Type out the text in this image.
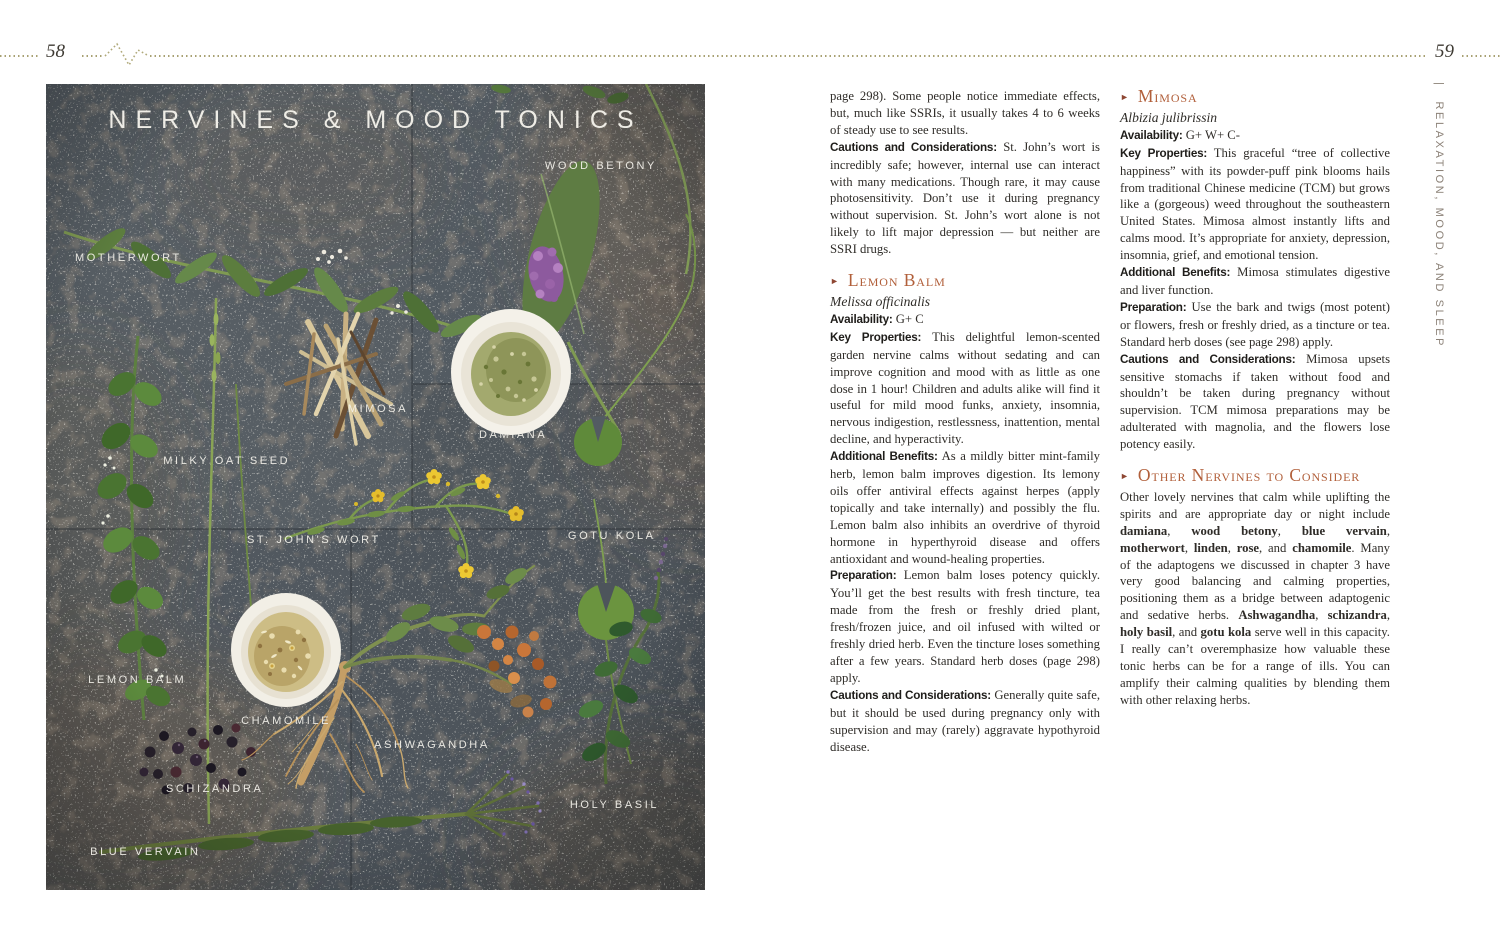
58	59
|RELAXATION, MOOD, AND SLEEP
NERVINES & MOOD TONICS
MOTHERWORT
WOOD BETONY
MIMOSA
DAMIANA
MILKY OAT SEED
ST. JOHN'S WORT	GOTU KOLA
LEMON BALM
CHAMOMILE
SCHIZANDRA
ASHWAGANDHA
BLUE VERVAIN
HOLY BASIL
page 298). Some people notice immediate effects, but, much like SSRIs, it usually takes 4 to 6 weeks of steady use to see results.
Cautions and Considerations: St. John’s wort is incredibly safe; however, internal use can interact with many medications. Though rare, it may cause photosensitivity. Don’t use it during pregnancy without supervision. St. John’s wort alone is not likely to lift major depression — but neither are SSRI drugs.
► Lemon Balm
Melissa officinalis
Availability: G+ C
Key Properties: This delightful lemon-scented garden nervine calms without sedating and can improve cognition and mood with as little as one dose in 1 hour! Children and adults alike will find it useful for mild mood funks, anxiety, insomnia, nervous indigestion, restlessness, inattention, mental decline, and hyperactivity.
Additional Benefits: As a mildly bitter mint-family herb, lemon balm improves digestion. Its lemony oils offer antiviral effects against herpes (apply topically and take internally) and possibly the flu. Lemon balm also inhibits an overdrive of thyroid hormone in hyperthyroid disease and offers antioxidant and wound-healing properties.
Preparation: Lemon balm loses potency quickly. You’ll get the best results with fresh tincture, tea made from the fresh or freshly dried plant, fresh/frozen juice, and oil infused with wilted or freshly dried herb. Even the tincture loses something after a few years. Standard herb doses (page 298) apply.
Cautions and Considerations: Generally quite safe, but it should be used during pregnancy only with supervision and may (rarely) aggravate hypothyroid disease.
► Mimosa
Albizia julibrissin
Availability: G+ W+ C-
Key Properties: This graceful “tree of collective happiness” with its powder-puff pink blooms hails from traditional Chinese medicine (TCM) but grows like a (gorgeous) weed throughout the southeastern United States. Mimosa almost instantly lifts and calms mood. It’s appropriate for anxiety, depression, insomnia, grief, and emotional tension.
Additional Benefits: Mimosa stimulates digestive and liver function.
Preparation: Use the bark and twigs (most potent) or flowers, fresh or freshly dried, as a tincture or tea. Standard herb doses (see page 298) apply.
Cautions and Considerations: Mimosa upsets sensitive stomachs if taken without food and shouldn’t be taken during pregnancy without supervision. TCM mimosa preparations may be adulterated with magnolia, and the flowers lose potency easily.
► Other Nervines to Consider
Other lovely nervines that calm while uplifting the spirits and are appropriate day or night include damiana, wood betony, blue vervain, motherwort, linden, rose, and chamomile. Many of the adaptogens we discussed in chapter 3 have very good balancing and calming properties, positioning them as a bridge between adaptogenic and sedative herbs. Ashwagandha, schizandra, holy basil, and gotu kola serve well in this capacity. I really can’t overemphasize how valuable these tonic herbs can be for a range of ills. You can amplify their calming qualities by blending them with other relaxing herbs.
